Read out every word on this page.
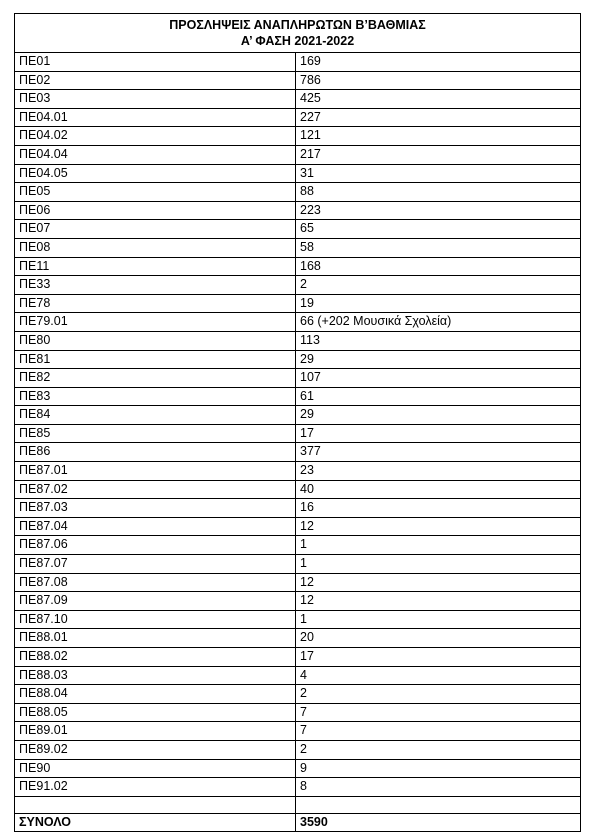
ΠΡΟΣΛΗΨΕΙΣ ΑΝΑΠΛΗΡΩΤΩΝ Β’ΒΑΘΜΙΑΣ
Α’ ΦΑΣΗ 2021-2022	

ΠΕ01	169
ΠΕ02	786
ΠΕ03	425
ΠΕ04.01	227
ΠΕ04.02	121
ΠΕ04.04	217
ΠΕ04.05	31
ΠΕ05	88
ΠΕ06	223
ΠΕ07	65
ΠΕ08	58
ΠΕ11	168
ΠΕ33	2
ΠΕ78	19
ΠΕ79.01	66 (+202 Μουσικά Σχολεία)
ΠΕ80	113
ΠΕ81	29
ΠΕ82	107
ΠΕ83	61
ΠΕ84	29
ΠΕ85	17
ΠΕ86	377
ΠΕ87.01	23
ΠΕ87.02	40
ΠΕ87.03	16
ΠΕ87.04	12
ΠΕ87.06	1
ΠΕ87.07	1
ΠΕ87.08	12
ΠΕ87.09	12
ΠΕ87.10	1
ΠΕ88.01	20
ΠΕ88.02	17
ΠΕ88.03	4
ΠΕ88.04	2
ΠΕ88.05	7
ΠΕ89.01	7
ΠΕ89.02	2
ΠΕ90	9
ΠΕ91.02	8

ΣΥΝΟΛΟ	3590
